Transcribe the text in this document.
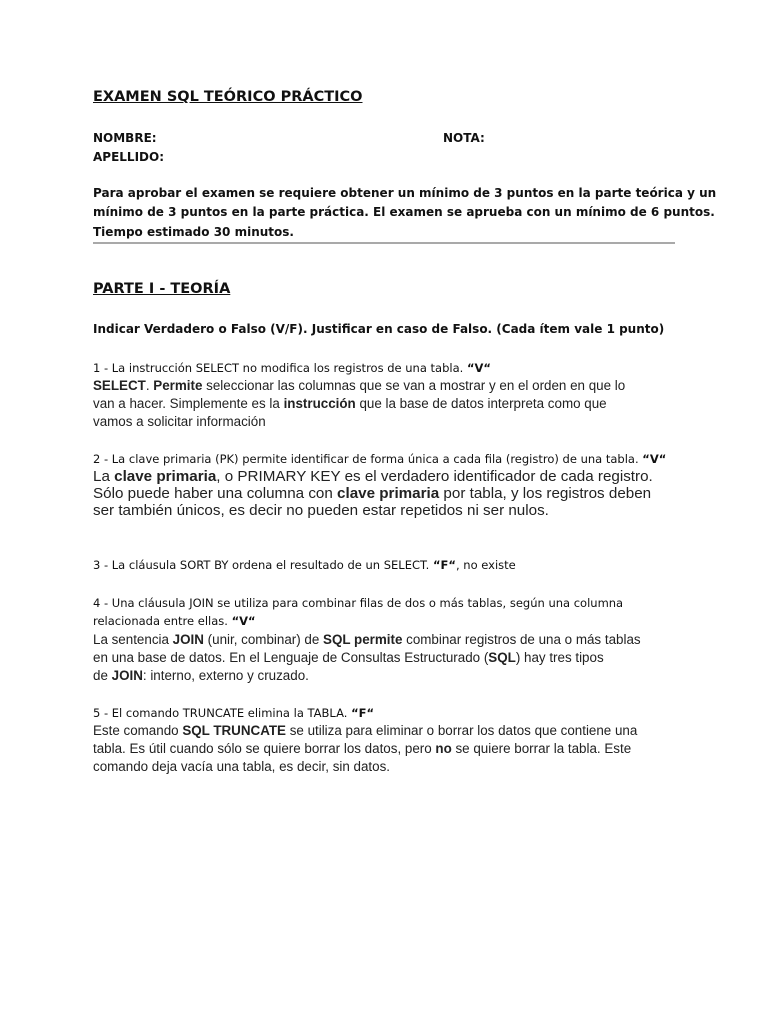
EXAMEN SQL TEÓRICO PRÁCTICO

NOMBRE:	NOTA:

APELLIDO:

Para aprobar el examen se requiere obtener un mínimo de 3 puntos en la parte teórica y un

mínimo de 3 puntos en la parte práctica. El examen se aprueba con un mínimo de 6 puntos.

Tiempo estimado 30 minutos.

PARTE I - TEORÍA

Indicar Verdadero o Falso (V/F). Justificar en caso de Falso. (Cada ítem vale 1 punto)

1 - La instrucción SELECT no modifica los registros de una tabla. “V“

SELECT. Permite seleccionar las columnas que se van a mostrar y en el orden en que lo

van a hacer. Simplemente es la instrucción que la base de datos interpreta como que

vamos a solicitar información

2 - La clave primaria (PK) permite identificar de forma única a cada fila (registro) de una tabla. “V“

La clave primaria, o PRIMARY KEY es el verdadero identificador de cada registro.

Sólo puede haber una columna con clave primaria por tabla, y los registros deben

ser también únicos, es decir no pueden estar repetidos ni ser nulos.

3 - La cláusula SORT BY ordena el resultado de un SELECT. “F“, no existe

4 - Una cláusula JOIN se utiliza para combinar filas de dos o más tablas, según una columna

relacionada entre ellas. “V“

La sentencia JOIN (unir, combinar) de SQL permite combinar registros de una o más tablas

en una base de datos. En el Lenguaje de Consultas Estructurado (SQL) hay tres tipos

de JOIN: interno, externo y cruzado.

5 - El comando TRUNCATE elimina la TABLA. “F“

Este comando SQL TRUNCATE se utiliza para eliminar o borrar los datos que contiene una

tabla. Es útil cuando sólo se quiere borrar los datos, pero no se quiere borrar la tabla. Este

comando deja vacía una tabla, es decir, sin datos.
